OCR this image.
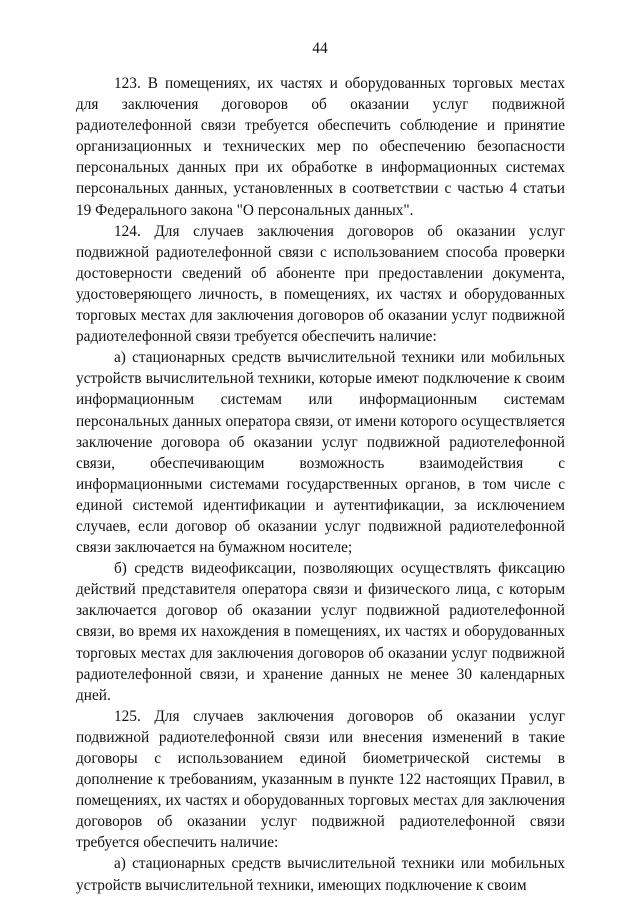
44

123. В помещениях, их частях и оборудованных торговых местах для заключения договоров об оказании услуг подвижной радиотелефонной связи требуется обеспечить соблюдение и принятие организационных и технических мер по обеспечению безопасности персональных данных при их обработке в информационных системах персональных данных, установленных в соответствии с частью 4 статьи 19 Федерального закона "О персональных данных".

124. Для случаев заключения договоров об оказании услуг подвижной радиотелефонной связи с использованием способа проверки достоверности сведений об абоненте при предоставлении документа, удостоверяющего личность, в помещениях, их частях и оборудованных торговых местах для заключения договоров об оказании услуг подвижной радиотелефонной связи требуется обеспечить наличие:

а) стационарных средств вычислительной техники или мобильных устройств вычислительной техники, которые имеют подключение к своим информационным системам или информационным системам персональных данных оператора связи, от имени которого осуществляется заключение договора об оказании услуг подвижной радиотелефонной связи, обеспечивающим возможность взаимодействия с информационными системами государственных органов, в том числе с единой системой идентификации и аутентификации, за исключением случаев, если договор об оказании услуг подвижной радиотелефонной связи заключается на бумажном носителе;

б) средств видеофиксации, позволяющих осуществлять фиксацию действий представителя оператора связи и физического лица, с которым заключается договор об оказании услуг подвижной радиотелефонной связи, во время их нахождения в помещениях, их частях и оборудованных торговых местах для заключения договоров об оказании услуг подвижной радиотелефонной связи, и хранение данных не менее 30 календарных дней.

125. Для случаев заключения договоров об оказании услуг подвижной радиотелефонной связи или внесения изменений в такие договоры с использованием единой биометрической системы в дополнение к требованиям, указанным в пункте 122 настоящих Правил, в помещениях, их частях и оборудованных торговых местах для заключения договоров об оказании услуг подвижной радиотелефонной связи требуется обеспечить наличие:

а) стационарных средств вычислительной техники или мобильных устройств вычислительной техники, имеющих подключение к своим
